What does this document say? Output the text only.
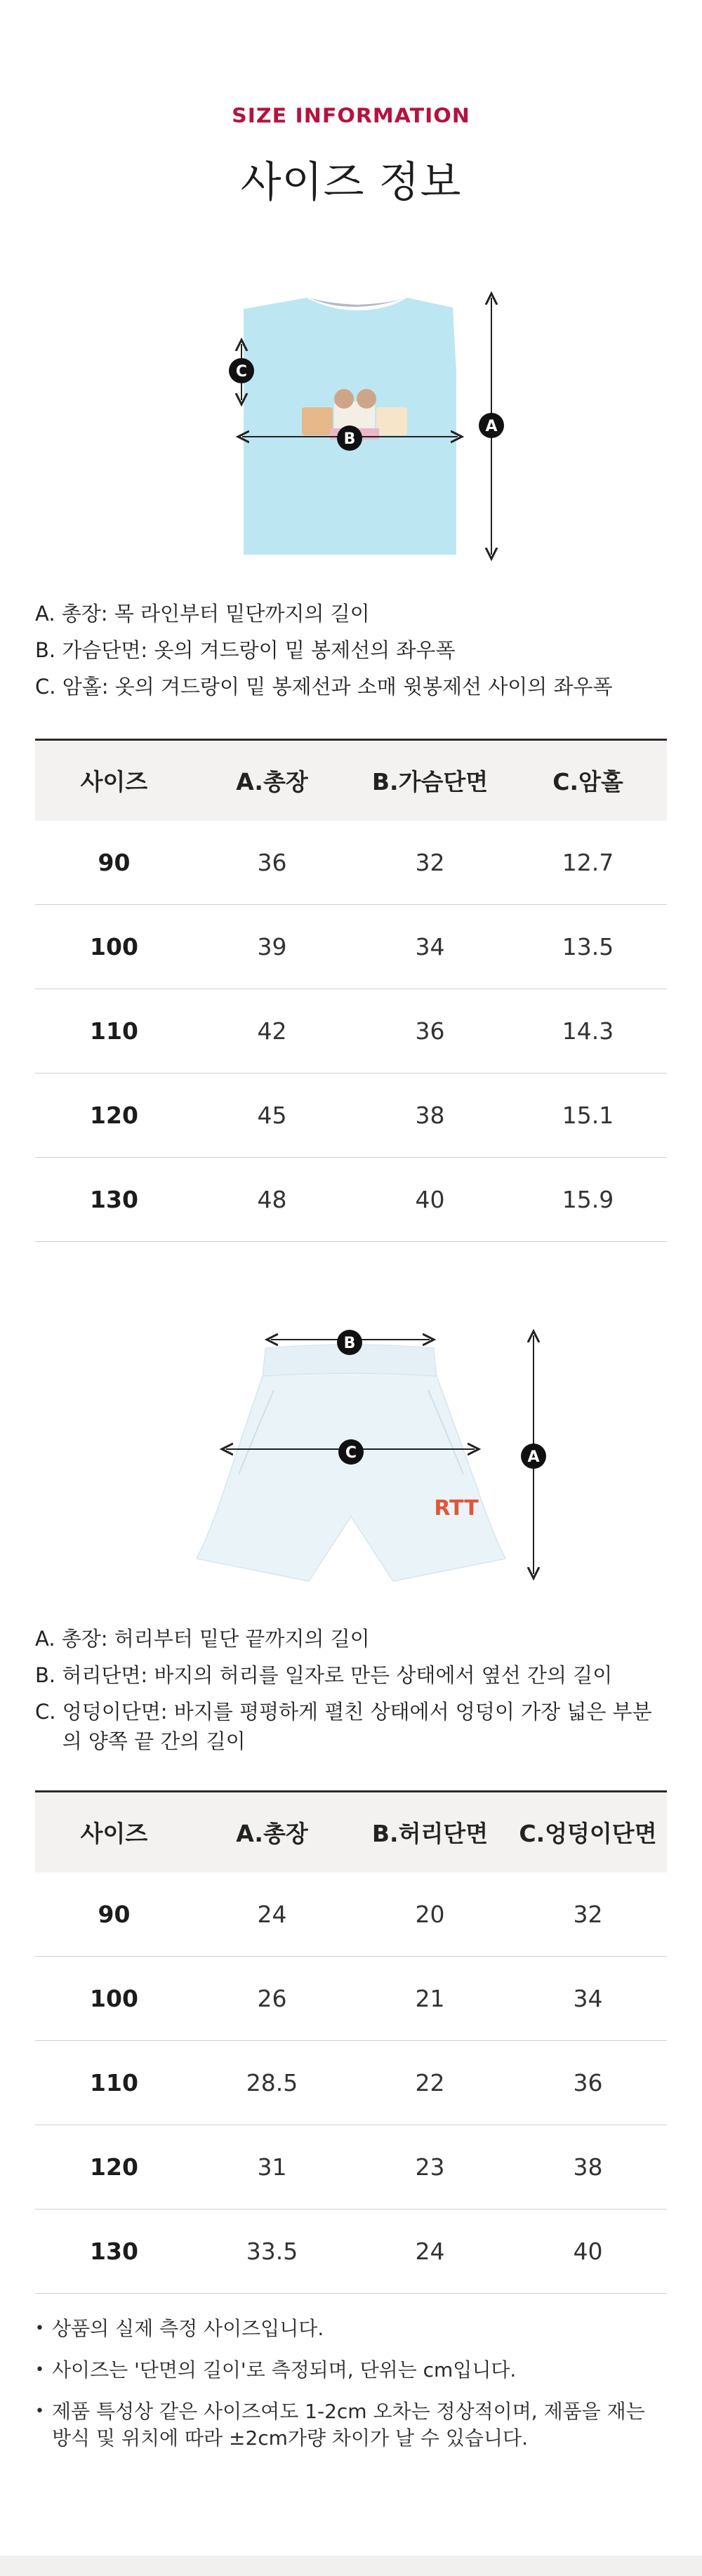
SIZE INFORMATION
사이즈 정보
B
C
A
A. 총장: 목 라인부터 밑단까지의 길이
B. 가슴단면: 옷의 겨드랑이 밑 봉제선의 좌우폭
C. 암홀: 옷의 겨드랑이 밑 봉제선과 소매 윗봉제선 사이의 좌우폭
사이즈	A.총장	B.가슴단면	C.암홀
90	36	32	12.7
100	39	34	13.5
110	42	36	14.3
120	45	38	15.1
130	48	40	15.9
RTT
B
C	A
A. 총장: 허리부터 밑단 끝까지의 길이
B. 허리단면: 바지의 허리를 일자로 만든 상태에서 옆선 간의 길이
C. 엉덩이단면: 바지를 평평하게 펼친 상태에서 엉덩이 가장 넓은 부분의 양쪽 끝 간의 길이
사이즈	A.총장	B.허리단면	C.엉덩이단면
90	24	20	32
100	26	21	34
110	28.5	22	36
120	31	23	38
130	33.5	24	40
• 상품의 실제 측정 사이즈입니다.
• 사이즈는 '단면의 길이'로 측정되며, 단위는 cm입니다.
• 제품 특성상 같은 사이즈여도 1-2cm 오차는 정상적이며, 제품을 재는 방식 및 위치에 따라 ±2cm가량 차이가 날 수 있습니다.
